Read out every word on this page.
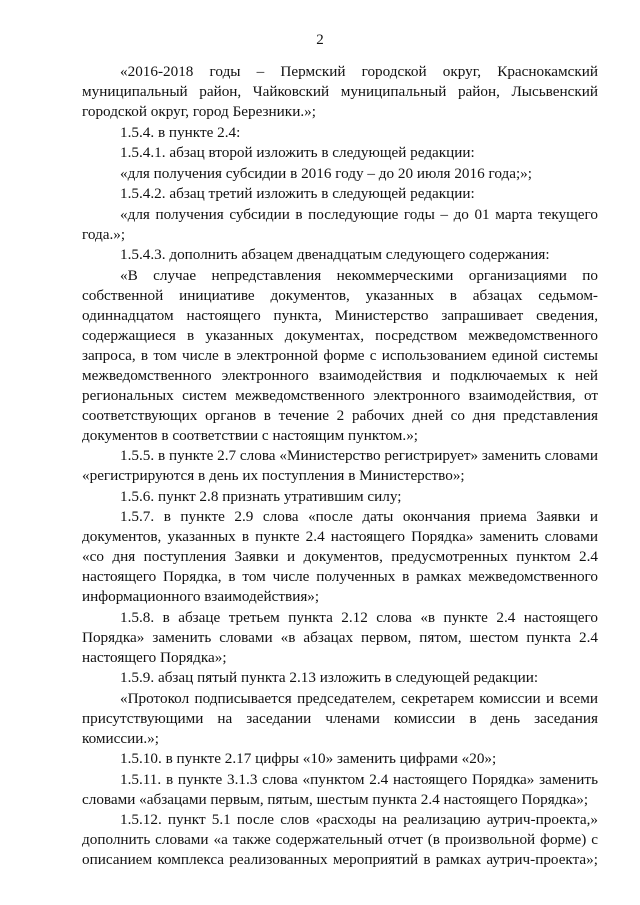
2

«2016-2018 годы – Пермский городской округ, Краснокамский муниципальный район, Чайковский муниципальный район, Лысьвенский городской округ, город Березники.»;

1.5.4. в пункте 2.4:

1.5.4.1. абзац второй изложить в следующей редакции:

«для получения субсидии в 2016 году – до 20 июля 2016 года;»;

1.5.4.2. абзац третий изложить в следующей редакции:

«для получения субсидии в последующие годы – до 01 марта текущего года.»;

1.5.4.3. дополнить абзацем двенадцатым следующего содержания:

«В случае непредставления некоммерческими организациями по собственной инициативе документов, указанных в абзацах седьмом-одиннадцатом настоящего пункта, Министерство запрашивает сведения, содержащиеся в указанных документах, посредством межведомственного запроса, в том числе в электронной форме с использованием единой системы межведомственного электронного взаимодействия и подключаемых к ней региональных систем межведомственного электронного взаимодействия, от соответствующих органов в течение 2 рабочих дней со дня представления документов в соответствии с настоящим пунктом.»;

1.5.5. в пункте 2.7 слова «Министерство регистрирует» заменить словами «регистрируются в день их поступления в Министерство»;

1.5.6. пункт 2.8 признать утратившим силу;

1.5.7. в пункте 2.9 слова «после даты окончания приема Заявки и документов, указанных в пункте 2.4 настоящего Порядка» заменить словами «со дня поступления Заявки и документов, предусмотренных пунктом 2.4 настоящего Порядка, в том числе полученных в рамках межведомственного информационного взаимодействия»;

1.5.8. в абзаце третьем пункта 2.12 слова «в пункте 2.4 настоящего Порядка» заменить словами «в абзацах первом, пятом, шестом пункта 2.4 настоящего Порядка»;

1.5.9. абзац пятый пункта 2.13 изложить в следующей редакции:

«Протокол подписывается председателем, секретарем комиссии и всеми присутствующими на заседании членами комиссии в день заседания комиссии.»;

1.5.10. в пункте 2.17 цифры «10» заменить цифрами «20»;

1.5.11. в пункте 3.1.3 слова «пунктом 2.4 настоящего Порядка» заменить словами «абзацами первым, пятым, шестым пункта 2.4 настоящего Порядка»;

1.5.12. пункт 5.1 после слов «расходы на реализацию аутрич-проекта,» дополнить словами «а также содержательный отчет (в произвольной форме) с описанием комплекса реализованных мероприятий в рамках аутрич-проекта»;
